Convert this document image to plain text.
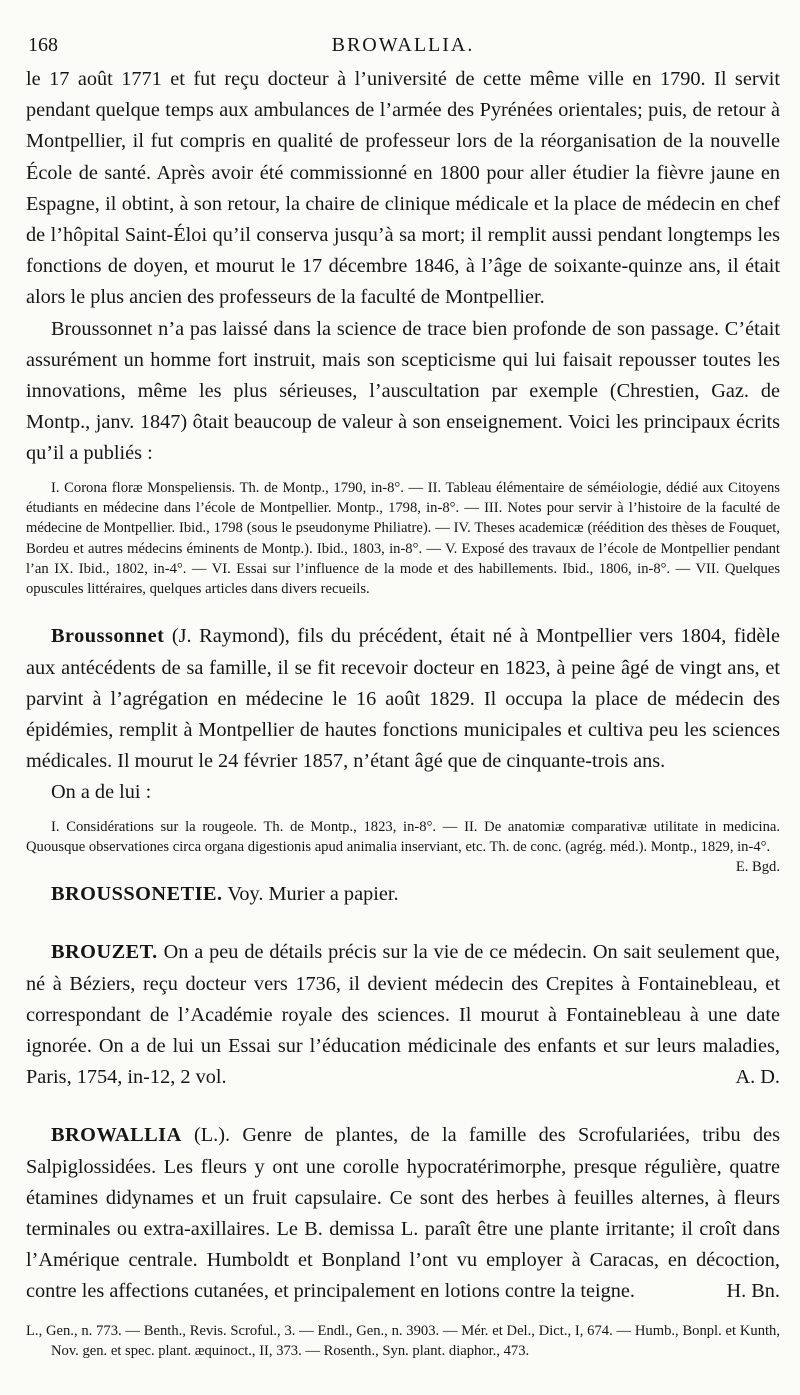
168	BROWALLIA.

le 17 août 1771 et fut reçu docteur à l’université de cette même ville en 1790. Il servit pendant quelque temps aux ambulances de l’armée des Pyrénées orientales; puis, de retour à Montpellier, il fut compris en qualité de professeur lors de la réorganisation de la nouvelle École de santé. Après avoir été commissionné en 1800 pour aller étudier la fièvre jaune en Espagne, il obtint, à son retour, la chaire de clinique médicale et la place de médecin en chef de l’hôpital Saint-Éloi qu’il conserva jusqu’à sa mort; il remplit aussi pendant longtemps les fonctions de doyen, et mourut le 17 décembre 1846, à l’âge de soixante-quinze ans, il était alors le plus ancien des professeurs de la faculté de Montpellier.

Broussonnet n’a pas laissé dans la science de trace bien profonde de son passage. C’était assurément un homme fort instruit, mais son scepticisme qui lui faisait repousser toutes les innovations, même les plus sérieuses, l’auscultation par exemple (Chrestien, Gaz. de Montp., janv. 1847) ôtait beaucoup de valeur à son enseignement. Voici les principaux écrits qu’il a publiés :

I. Corona floræ Monspeliensis. Th. de Montp., 1790, in-8°. — II. Tableau élémentaire de séméiologie, dédié aux Citoyens étudiants en médecine dans l’école de Montpellier. Montp., 1798, in-8°. — III. Notes pour servir à l’histoire de la faculté de médecine de Montpellier. Ibid., 1798 (sous le pseudonyme Philiatre). — IV. Theses academicæ (réédition des thèses de Fouquet, Bordeu et autres médecins éminents de Montp.). Ibid., 1803, in-8°. — V. Exposé des travaux de l’école de Montpellier pendant l’an IX. Ibid., 1802, in-4°. — VI. Essai sur l’influence de la mode et des habillements. Ibid., 1806, in-8°. — VII. Quelques opuscules littéraires, quelques articles dans divers recueils.

Broussonnet (J. Raymond), fils du précédent, était né à Montpellier vers 1804, fidèle aux antécédents de sa famille, il se fit recevoir docteur en 1823, à peine âgé de vingt ans, et parvint à l’agrégation en médecine le 16 août 1829. Il occupa la place de médecin des épidémies, remplit à Montpellier de hautes fonctions municipales et cultiva peu les sciences médicales. Il mourut le 24 février 1857, n’étant âgé que de cinquante-trois ans.

On a de lui :

I. Considérations sur la rougeole. Th. de Montp., 1823, in-8°. — II. De anatomiæ comparativæ utilitate in medicina. Quousque observationes circa organa digestionis apud animalia inserviant, etc. Th. de conc. (agrég. méd.). Montp., 1829, in-4°.
E. Bgd.

BROUSSONETIE. Voy. Murier a papier.

BROUZET. On a peu de détails précis sur la vie de ce médecin. On sait seulement que, né à Béziers, reçu docteur vers 1736, il devient médecin des Crepites à Fontainebleau, et correspondant de l’Académie royale des sciences. Il mourut à Fontainebleau à une date ignorée. On a de lui un Essai sur l’éducation médicinale des enfants et sur leurs maladies, Paris, 1754, in-12, 2 vol.	A. D.

BROWALLIA (L.). Genre de plantes, de la famille des Scrofulariées, tribu des Salpiglossidées. Les fleurs y ont une corolle hypocratérimorphe, presque régulière, quatre étamines didynames et un fruit capsulaire. Ce sont des herbes à feuilles alternes, à fleurs terminales ou extra-axillaires. Le B. demissa L. paraît être une plante irritante; il croît dans l’Amérique centrale. Humboldt et Bonpland l’ont vu employer à Caracas, en décoction, contre les affections cutanées, et principalement en lotions contre la teigne.	H. Bn.

L., Gen., n. 773. — Benth., Revis. Scroful., 3. — Endl., Gen., n. 3903. — Mér. et Del., Dict., I, 674. — Humb., Bonpl. et Kunth, Nov. gen. et spec. plant. æquinoct., II, 373. — Rosenth., Syn. plant. diaphor., 473.
